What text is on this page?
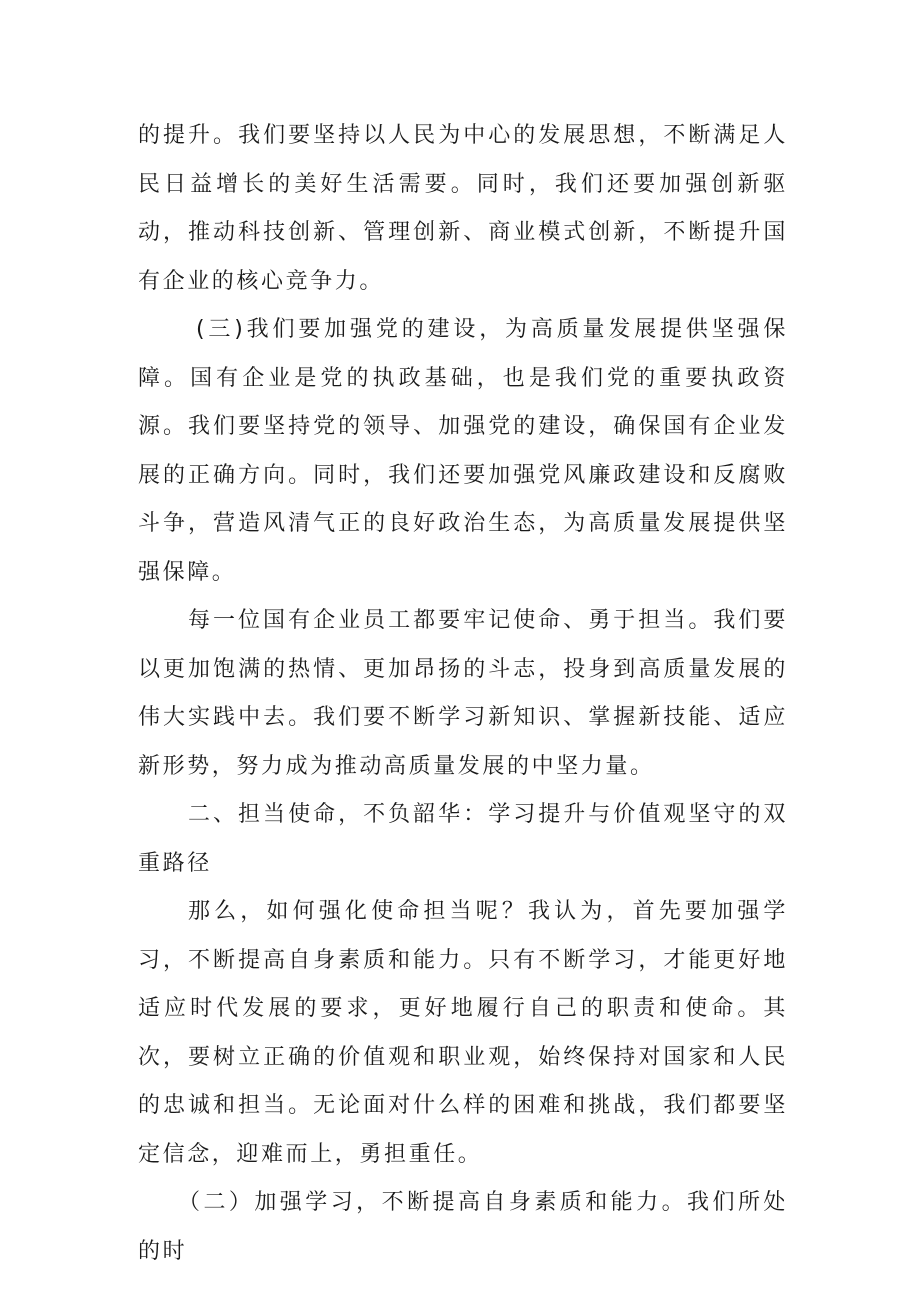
的提升。我们要坚持以人民为中心的发展思想，不断满足人民日益增长的美好生活需要。同时，我们还要加强创新驱动，推动科技创新、管理创新、商业模式创新，不断提升国有企业的核心竞争力。

(三)我们要加强党的建设，为高质量发展提供坚强保障。国有企业是党的执政基础，也是我们党的重要执政资源。我们要坚持党的领导、加强党的建设，确保国有企业发展的正确方向。同时，我们还要加强党风廉政建设和反腐败斗争，营造风清气正的良好政治生态，为高质量发展提供坚强保障。

每一位国有企业员工都要牢记使命、勇于担当。我们要以更加饱满的热情、更加昂扬的斗志，投身到高质量发展的伟大实践中去。我们要不断学习新知识、掌握新技能、适应新形势，努力成为推动高质量发展的中坚力量。

二、担当使命，不负韶华：学习提升与价值观坚守的双重路径

那么，如何强化使命担当呢？我认为，首先要加强学习，不断提高自身素质和能力。只有不断学习，才能更好地适应时代发展的要求，更好地履行自己的职责和使命。其次，要树立正确的价值观和职业观，始终保持对国家和人民的忠诚和担当。无论面对什么样的困难和挑战，我们都要坚定信念，迎难而上，勇担重任。

（二）加强学习，不断提高自身素质和能力。我们所处的时
